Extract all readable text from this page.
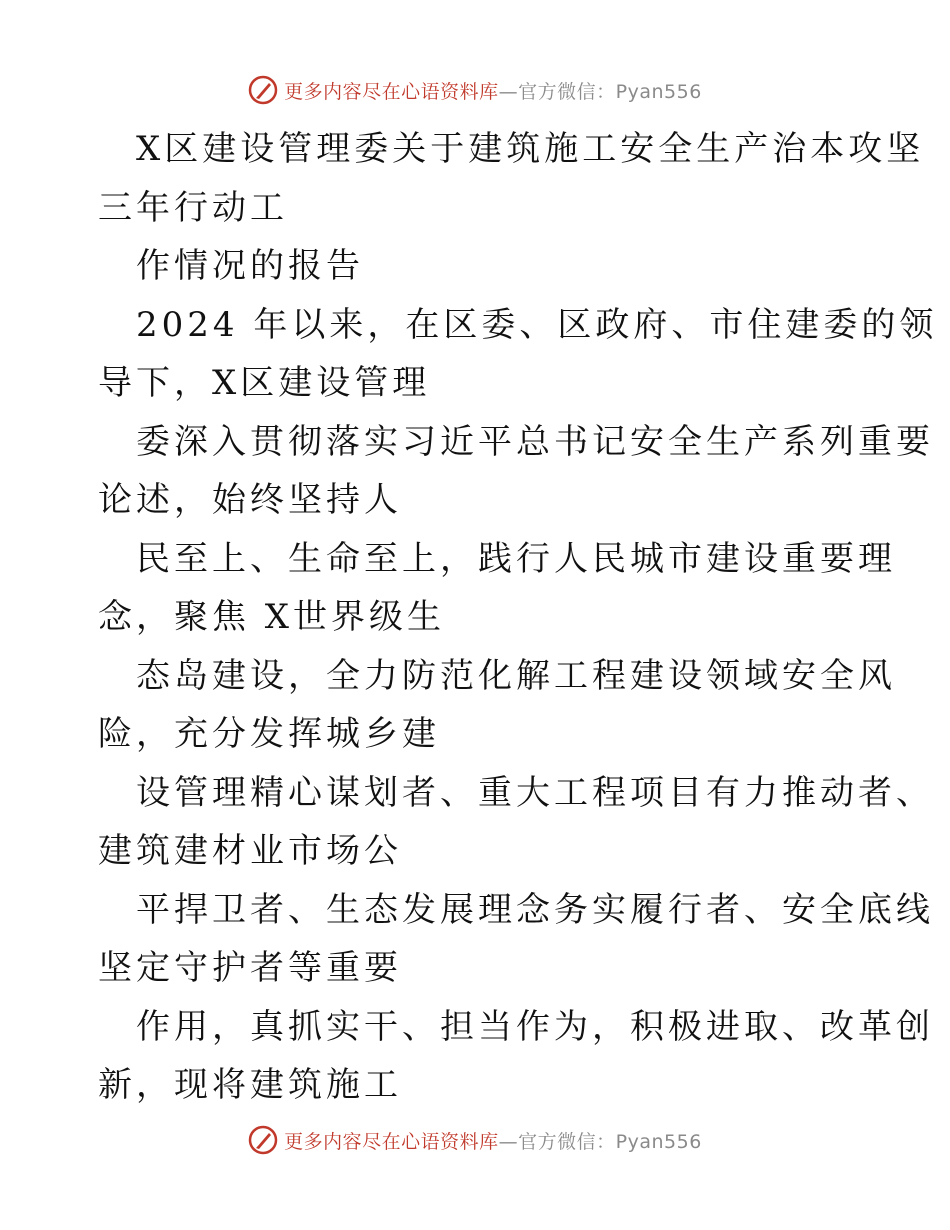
更多内容尽在心语资料库—官方微信：Pyan556
X区建设管理委关于建筑施工安全生产治本攻坚
三年行动工
作情况的报告
2024 年以来，在区委、区政府、市住建委的领
导下，X区建设管理
委深入贯彻落实习近平总书记安全生产系列重要
论述，始终坚持人
民至上、生命至上，践行人民城市建设重要理
念，聚焦 X世界级生
态岛建设，全力防范化解工程建设领域安全风
险，充分发挥城乡建
设管理精心谋划者、重大工程项目有力推动者、
建筑建材业市场公
平捍卫者、生态发展理念务实履行者、安全底线
坚定守护者等重要
作用，真抓实干、担当作为，积极进取、改革创
新，现将建筑施工
更多内容尽在心语资料库—官方微信：Pyan556
